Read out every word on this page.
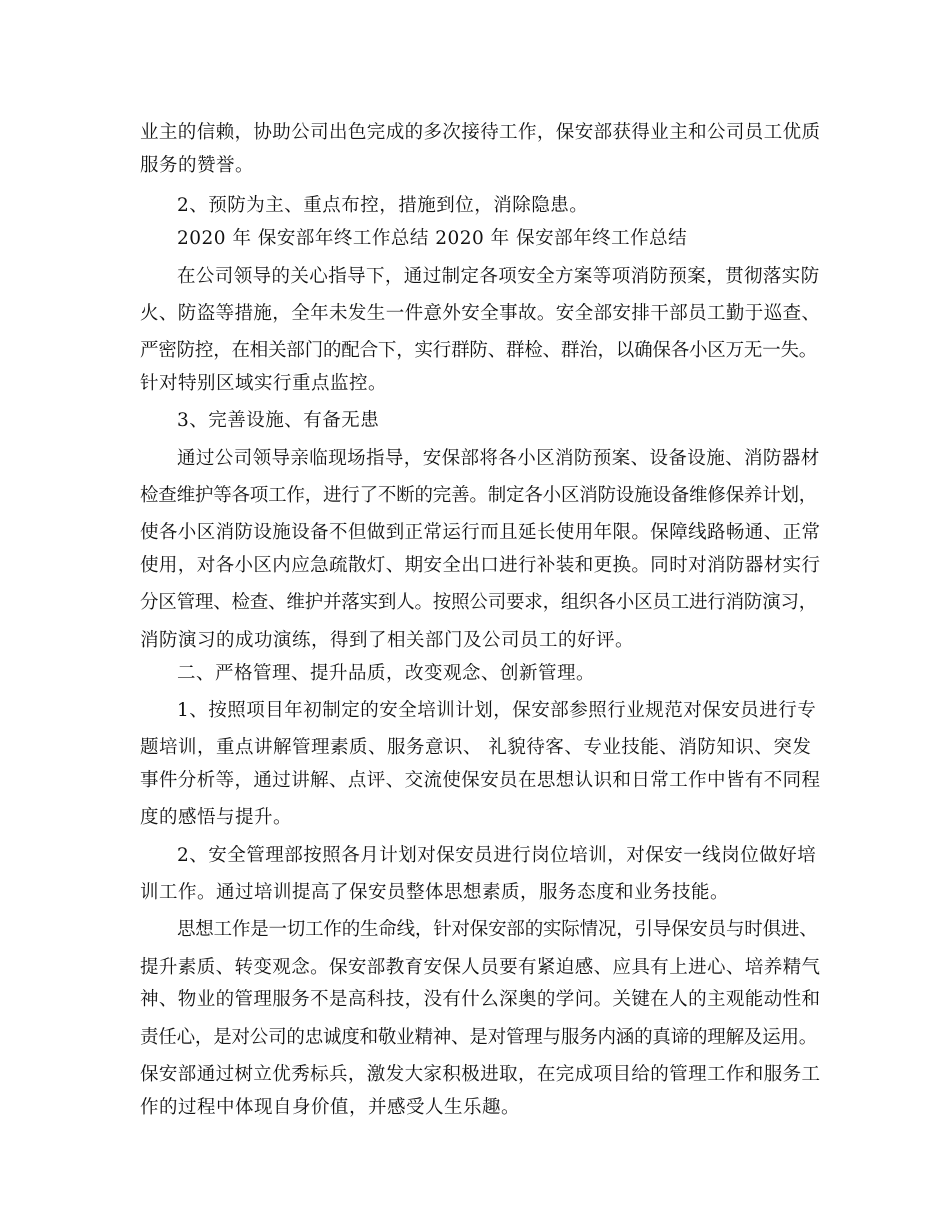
业主的信赖，协助公司出色完成的多次接待工作，保安部获得业主和公司员工优质
服务的赞誉。
2、预防为主、重点布控，措施到位，消除隐患。
2020 年 保安部年终工作总结 2020 年 保安部年终工作总结
在公司领导的关心指导下，通过制定各项安全方案等项消防预案，贯彻落实防
火、防盗等措施，全年未发生一件意外安全事故。安全部安排干部员工勤于巡查、
严密防控，在相关部门的配合下，实行群防、群检、群治，以确保各小区万无一失。
针对特别区域实行重点监控。
3、完善设施、有备无患
通过公司领导亲临现场指导，安保部将各小区消防预案、设备设施、消防器材
检查维护等各项工作，进行了不断的完善。制定各小区消防设施设备维修保养计划，
使各小区消防设施设备不但做到正常运行而且延长使用年限。保障线路畅通、正常
使用，对各小区内应急疏散灯、期安全出口进行补装和更换。同时对消防器材实行
分区管理、检查、维护并落实到人。按照公司要求，组织各小区员工进行消防演习，
消防演习的成功演练，得到了相关部门及公司员工的好评。
二、严格管理、提升品质，改变观念、创新管理。
1、按照项目年初制定的安全培训计划，保安部参照行业规范对保安员进行专
题培训，重点讲解管理素质、服务意识、 礼貌待客、专业技能、消防知识、突发
事件分析等，通过讲解、点评、交流使保安员在思想认识和日常工作中皆有不同程
度的感悟与提升。
2、安全管理部按照各月计划对保安员进行岗位培训，对保安一线岗位做好培
训工作。通过培训提高了保安员整体思想素质，服务态度和业务技能。
思想工作是一切工作的生命线，针对保安部的实际情况，引导保安员与时俱进、
提升素质、转变观念。保安部教育安保人员要有紧迫感、应具有上进心、培养精气
神、物业的管理服务不是高科技，没有什么深奥的学问。关键在人的主观能动性和
责任心，是对公司的忠诚度和敬业精神、是对管理与服务内涵的真谛的理解及运用。
保安部通过树立优秀标兵，激发大家积极进取，在完成项目给的管理工作和服务工
作的过程中体现自身价值，并感受人生乐趣。
